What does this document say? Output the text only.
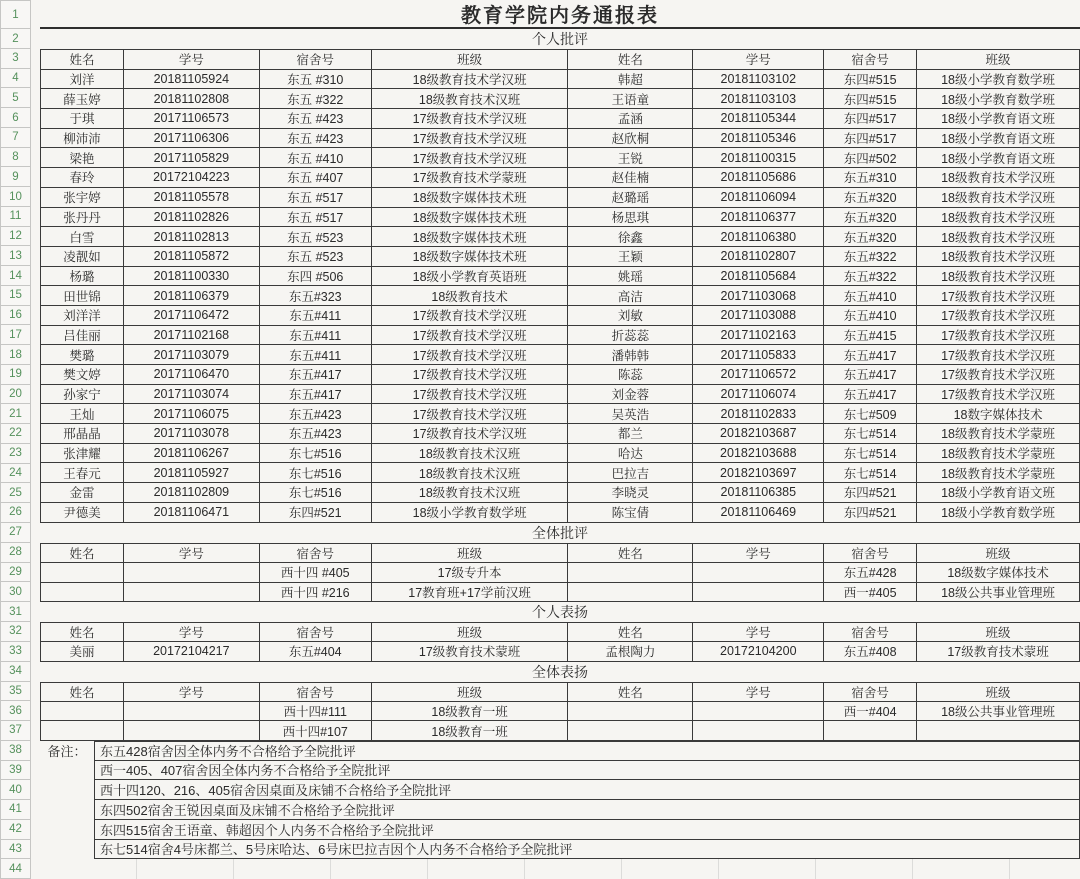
教育学院内务通报表
1
2
3
4
5
6
7
8
9
10
11
12
13
14
15
16
17
18
19
20
21
22
23
24
25
26
27
28
29
30
31
32
33
34
35
36
37
38
39
40
41
42
43
44
个人批评
姓名	学号	宿舍号	班级	姓名	学号	宿舍号	班级
刘洋	20181105924	东五 #310	18级教育技术学汉班	韩超	20181103102	东四#515	18级小学教育数学班
薛玉婷	20181102808	东五 #322	18级教育技术汉班	王语童	20181103103	东四#515	18级小学教育数学班
于琪	20171106573	东五 #423	17级教育技术学汉班	孟涵	20181105344	东四#517	18级小学教育语文班
柳沛沛	20171106306	东五 #423	17级教育技术学汉班	赵欣桐	20181105346	东四#517	18级小学教育语文班
梁艳	20171105829	东五 #410	17级教育技术学汉班	王锐	20181100315	东四#502	18级小学教育语文班
春玲	20172104223	东五 #407	17级教育技术学蒙班	赵佳楠	20181105686	东五#310	18级教育技术学汉班
张宇婷	20181105578	东五 #517	18级数字媒体技术班	赵璐瑶	20181106094	东五#320	18级教育技术学汉班
张丹丹	20181102826	东五 #517	18级数字媒体技术班	杨思琪	20181106377	东五#320	18级教育技术学汉班
白雪	20181102813	东五 #523	18级数字媒体技术班	徐鑫	20181106380	东五#320	18级教育技术学汉班
凌靓如	20181105872	东五 #523	18级数字媒体技术班	王颖	20181102807	东五#322	18级教育技术学汉班
杨璐	20181100330	东四 #506	18级小学教育英语班	姚瑶	20181105684	东五#322	18级教育技术学汉班
田世锦	20181106379	东五#323	18级教育技术	高洁	20171103068	东五#410	17级教育技术学汉班
刘洋洋	20171106472	东五#411	17级教育技术学汉班	刘敏	20171103088	东五#410	17级教育技术学汉班
吕佳丽	20171102168	东五#411	17级教育技术学汉班	折蕊蕊	20171102163	东五#415	17级教育技术学汉班
樊璐	20171103079	东五#411	17级教育技术学汉班	潘韩韩	20171105833	东五#417	17级教育技术学汉班
樊文婷	20171106470	东五#417	17级教育技术学汉班	陈蕊	20171106572	东五#417	17级教育技术学汉班
孙家宁	20171103074	东五#417	17级教育技术学汉班	刘金蓉	20171106074	东五#417	17级教育技术学汉班
王灿	20171106075	东五#423	17级教育技术学汉班	吴英浩	20181102833	东七#509	18数字媒体技术
邢晶晶	20171103078	东五#423	17级教育技术学汉班	都兰	20182103687	东七#514	18级教育技术学蒙班
张津耀	20181106267	东七#516	18级教育技术汉班	哈达	20182103688	东七#514	18级教育技术学蒙班
王春元	20181105927	东七#516	18级教育技术汉班	巴拉吉	20182103697	东七#514	18级教育技术学蒙班
金雷	20181102809	东七#516	18级教育技术汉班	李晓灵	20181106385	东四#521	18级小学教育语文班
尹德美	20181106471	东四#521	18级小学教育数学班	陈宝倩	20181106469	东四#521	18级小学教育数学班
全体批评
姓名	学号	宿舍号	班级	姓名	学号	宿舍号	班级
		西十四 #405	17级专升本			东五#428	18级数字媒体技术
		西十四 #216	17教育班+17学前汉班			西一#405	18级公共事业管理班
个人表扬
姓名	学号	宿舍号	班级	姓名	学号	宿舍号	班级
美丽	20172104217	东五#404	17级教育技术蒙班	孟根陶力	20172104200	东五#408	17级教育技术蒙班
全体表扬
姓名	学号	宿舍号	班级	姓名	学号	宿舍号	班级
		西十四#111	18级教育一班			西一#404	18级公共事业管理班
		西十四#107	18级教育一班				
备注：	东五428宿舍因全体内务不合格给予全院批评
西一405、407宿舍因全体内务不合格给予全院批评
西十四120、216、405宿舍因桌面及床铺不合格给予全院批评
东四502宿舍王锐因桌面及床铺不合格给予全院批评
东四515宿舍王语童、韩超因个人内务不合格给予全院批评
东七514宿舍4号床都兰、5号床哈达、6号床巴拉吉因个人内务不合格给予全院批评
